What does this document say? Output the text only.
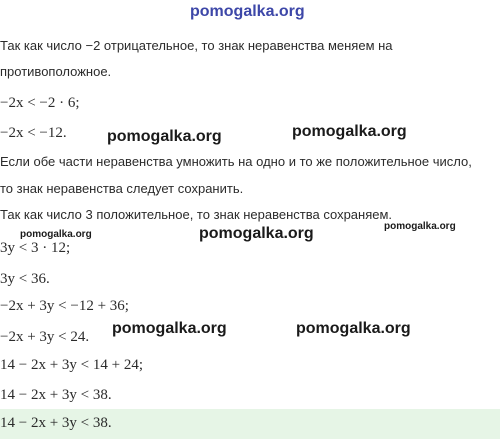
pomogalka.org
Так как число −2 отрицательное, то знак неравенства меняем на
противоположное.
−2x < −2 · 6;
−2x < −12.	pomogalka.org	pomogalka.org
Если обе части неравенства умножить на одно и то же положительное число,
то знак неравенства следует сохранить.
Так как число 3 положительное, то знак неравенства сохраняем.
pomogalka.org	pomogalka.org	pomogalka.org
3y < 3 · 12;
3y < 36.
−2x + 3y < −12 + 36;
pomogalka.org	pomogalka.org
−2x + 3y < 24.
14 − 2x + 3y < 14 + 24;
14 − 2x + 3y < 38.
14 − 2x + 3y < 38.
